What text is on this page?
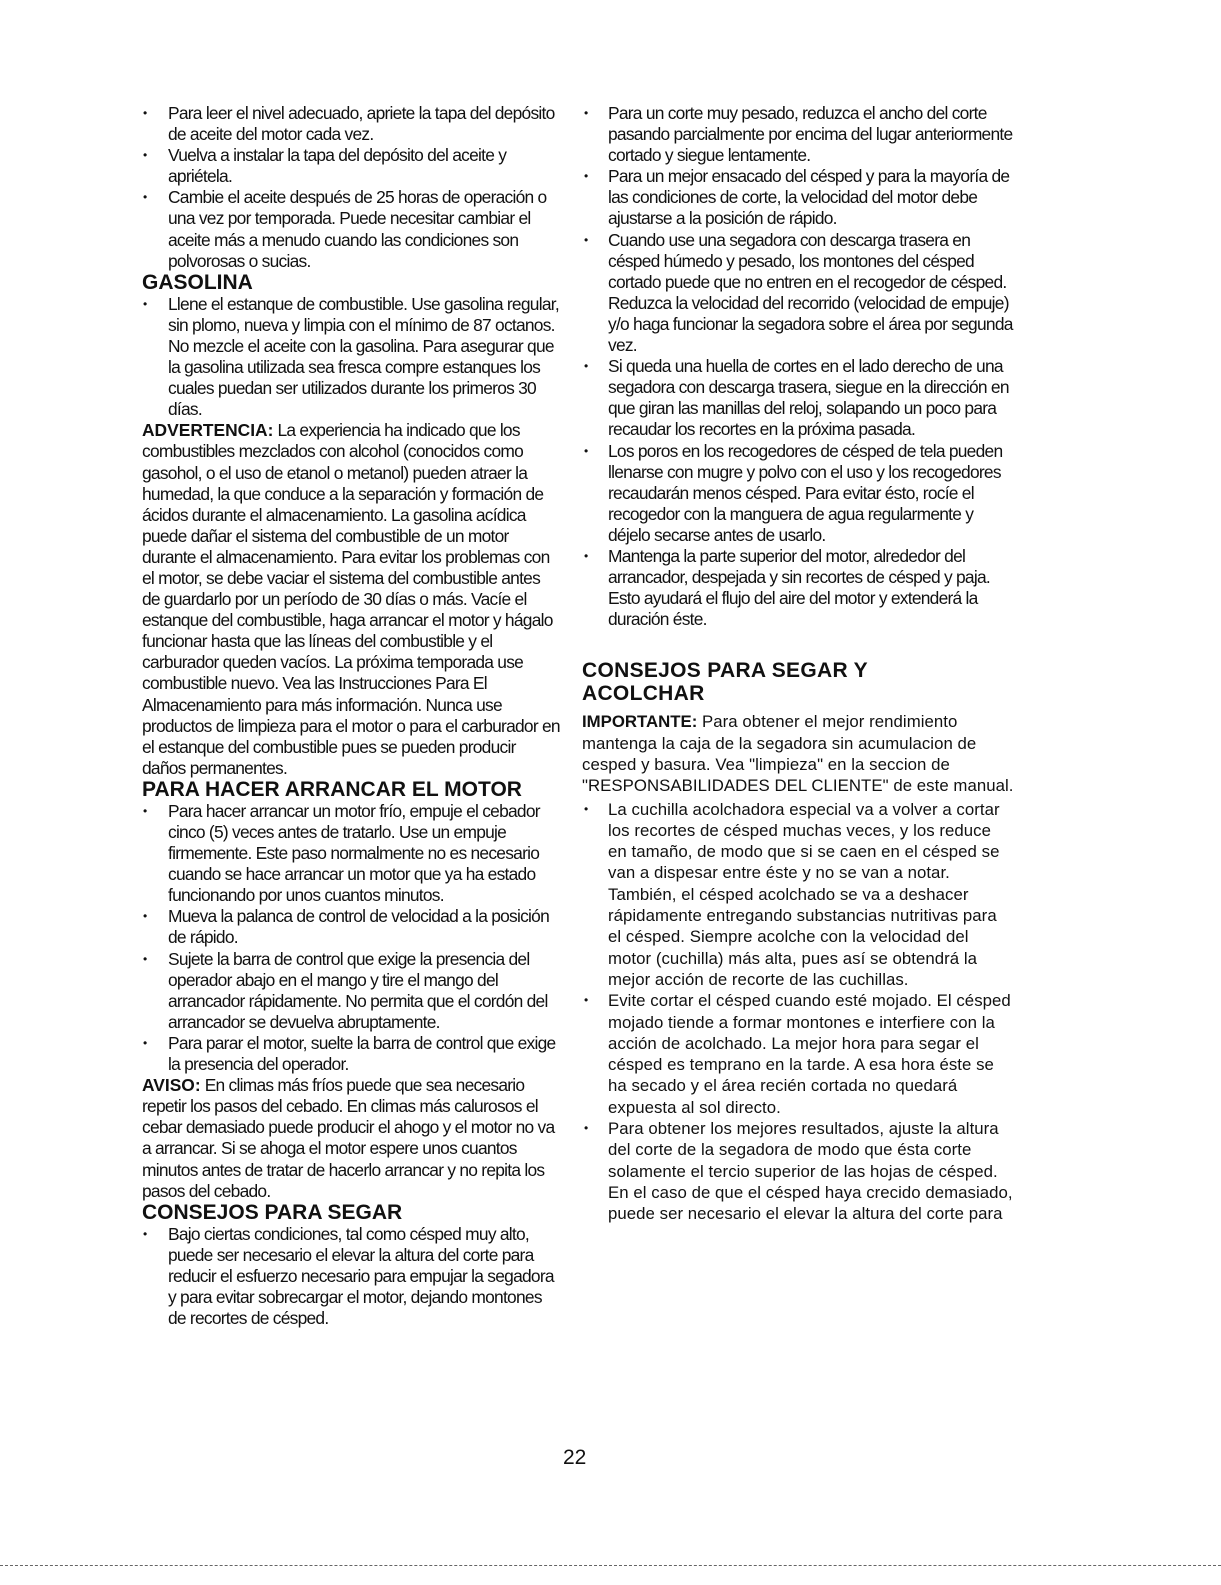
• Para leer el nivel adecuado, apriete la tapa del depósito de aceite del motor cada vez.
• Vuelva a instalar la tapa del depósito del aceite y apriétela.
• Cambie el aceite después de 25 horas de operación o una vez por temporada. Puede necesitar cambiar el aceite más a menudo cuando las condiciones son polvorosas o sucias.
GASOLINA
• Llene el estanque de combustible. Use gasolina regular, sin plomo, nueva y limpia con el mínimo de 87 octanos. No mezcle el aceite con la gasolina. Para asegurar que la gasolina utilizada sea fresca compre estanques los cuales puedan ser utilizados durante los primeros 30 días.

ADVERTENCIA: La experiencia ha indicado que los combustibles mezclados con alcohol (conocidos como gasohol, o el uso de etanol o metanol) pueden atraer la humedad, la que conduce a la separación y formación de ácidos durante el almacenamiento. La gasolina acídica puede dañar el sistema del combustible de un motor durante el almacenamiento. Para evitar los problemas con el motor, se debe vaciar el sistema del combustible antes de guardarlo por un período de 30 días o más. Vacíe el estanque del combustible, haga arrancar el motor y hágalo funcionar hasta que las líneas del combustible y el carburador queden vacíos. La próxima temporada use combustible nuevo. Vea las Instrucciones Para El Almacenamiento para más información. Nunca use productos de limpieza para el motor o para el carburador en el estanque del combustible pues se pueden producir daños permanentes.

PARA HACER ARRANCAR EL MOTOR
• Para hacer arrancar un motor frío, empuje el cebador cinco (5) veces antes de tratarlo. Use un empuje firmemente. Este paso normalmente no es necesario cuando se hace arrancar un motor que ya ha estado funcionando por unos cuantos minutos.
• Mueva la palanca de control de velocidad a la posición de rápido.
• Sujete la barra de control que exige la presencia del operador abajo en el mango y tire el mango del arrancador rápidamente. No permita que el cordón del arrancador se devuelva abruptamente.
• Para parar el motor, suelte la barra de control que exige la presencia del operador.

AVISO: En climas más fríos puede que sea necesario repetir los pasos del cebado. En climas más calurosos el cebar demasiado puede producir el ahogo y el motor no va a arrancar. Si se ahoga el motor espere unos cuantos minutos antes de tratar de hacerlo arrancar y no repita los pasos del cebado.

CONSEJOS PARA SEGAR
• Bajo ciertas condiciones, tal como césped muy alto, puede ser necesario el elevar la altura del corte para reducir el esfuerzo necesario para empujar la segadora y para evitar sobrecargar el motor, dejando montones de recortes de césped.
• Para un corte muy pesado, reduzca el ancho del corte pasando parcialmente por encima del lugar anteriormente cortado y siegue lentamente.
• Para un mejor ensacado del césped y para la mayoría de las condiciones de corte, la velocidad del motor debe ajustarse a la posición de rápido.
• Cuando use una segadora con descarga trasera en césped húmedo y pesado, los montones del césped cortado puede que no entren en el recogedor de césped. Reduzca la velocidad del recorrido (velocidad de empuje) y/o haga funcionar la segadora sobre el área por segunda vez.
• Si queda una huella de cortes en el lado derecho de una segadora con descarga trasera, siegue en la dirección en que giran las manillas del reloj, solapando un poco para recaudar los recortes en la próxima pasada.
• Los poros en los recogedores de césped de tela pueden llenarse con mugre y polvo con el uso y los recogedores recaudarán menos césped. Para evitar ésto, rocíe el recogedor con la manguera de agua regularmente y déjelo secarse antes de usarlo.
• Mantenga la parte superior del motor, alrededor del arrancador, despejada y sin recortes de césped y paja. Esto ayudará el flujo del aire del motor y extenderá la duración éste.
CONSEJOS PARA SEGAR Y
ACOLCHAR

IMPORTANTE: Para obtener el mejor rendimiento mantenga la caja de la segadora sin acumulacion de cesped y basura. Vea "limpieza" en la seccion de "RESPONSABILIDADES DEL CLIENTE" de este manual.

• La cuchilla acolchadora especial va a volver a cortar los recortes de césped muchas veces, y los reduce en tamaño, de modo que si se caen en el césped se van a dispesar entre éste y no se van a notar. También, el césped acolchado se va a deshacer rápidamente entregando substancias nutritivas para el césped. Siempre acolche con la velocidad del motor (cuchilla) más alta, pues así se obtendrá la mejor acción de recorte de las cuchillas.
• Evite cortar el césped cuando esté mojado. El césped mojado tiende a formar montones e interfiere con la acción de acolchado. La mejor hora para segar el césped es temprano en la tarde. A esa hora éste se ha secado y el área recién cortada no quedará expuesta al sol directo.
• Para obtener los mejores resultados, ajuste la altura del corte de la segadora de modo que ésta corte solamente el tercio superior de las hojas de césped. En el caso de que el césped haya crecido demasiado, puede ser necesario el elevar la altura del corte para
22
